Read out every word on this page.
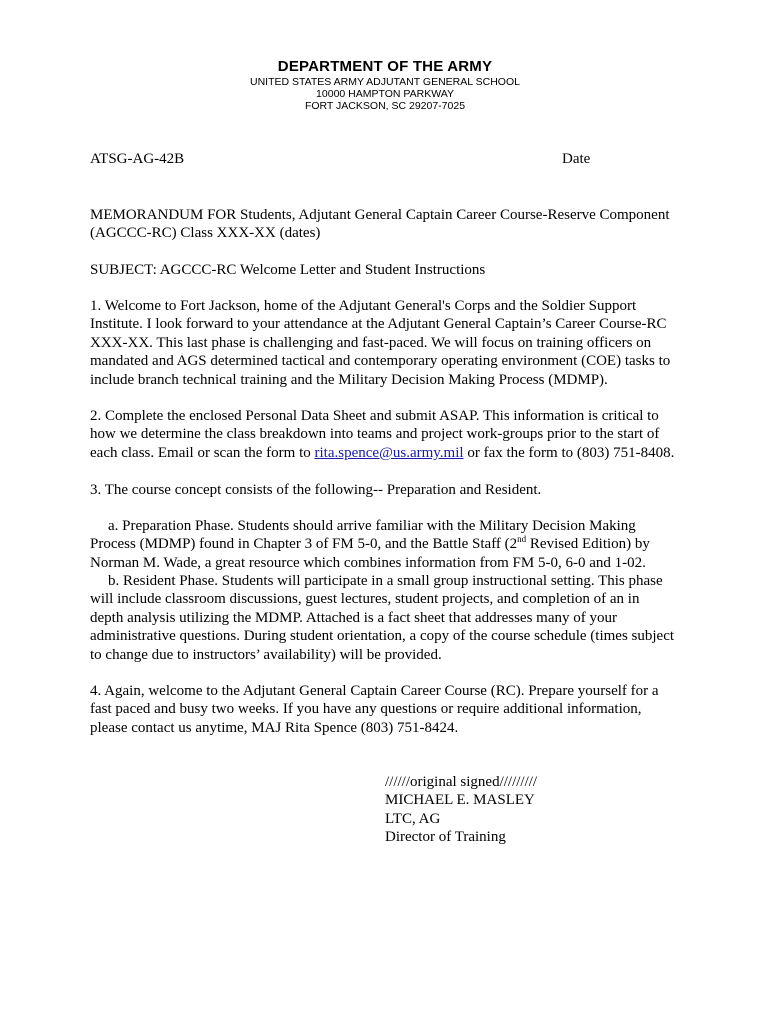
DEPARTMENT OF THE ARMY
UNITED STATES ARMY ADJUTANT GENERAL SCHOOL
10000 HAMPTON PARKWAY
FORT JACKSON, SC 29207-7025
ATSG-AG-42B	Date
MEMORANDUM FOR Students, Adjutant General Captain Career Course-Reserve Component
(AGCCC-RC) Class XXX-XX (dates)
SUBJECT: AGCCC-RC Welcome Letter and Student Instructions
1. Welcome to Fort Jackson, home of the Adjutant General's Corps and the Soldier Support
Institute. I look forward to your attendance at the Adjutant General Captain’s Career Course-RC
XXX-XX. This last phase is challenging and fast-paced. We will focus on training officers on
mandated and AGS determined tactical and contemporary operating environment (COE) tasks to
include branch technical training and the Military Decision Making Process (MDMP).
2. Complete the enclosed Personal Data Sheet and submit ASAP. This information is critical to
how we determine the class breakdown into teams and project work-groups prior to the start of
each class. Email or scan the form to rita.spence@us.army.mil or fax the form to (803) 751-8408.
3. The course concept consists of the following-- Preparation and Resident.
a. Preparation Phase. Students should arrive familiar with the Military Decision Making
Process (MDMP) found in Chapter 3 of FM 5-0, and the Battle Staff (2nd Revised Edition) by
Norman M. Wade, a great resource which combines information from FM 5-0, 6-0 and 1-02.
b. Resident Phase. Students will participate in a small group instructional setting. This phase
will include classroom discussions, guest lectures, student projects, and completion of an in
depth analysis utilizing the MDMP. Attached is a fact sheet that addresses many of your
administrative questions. During student orientation, a copy of the course schedule (times subject
to change due to instructors’ availability) will be provided.
4. Again, welcome to the Adjutant General Captain Career Course (RC). Prepare yourself for a
fast paced and busy two weeks. If you have any questions or require additional information,
please contact us anytime, MAJ Rita Spence (803) 751-8424.
//////original signed/////////
MICHAEL E. MASLEY
LTC, AG
Director of Training
